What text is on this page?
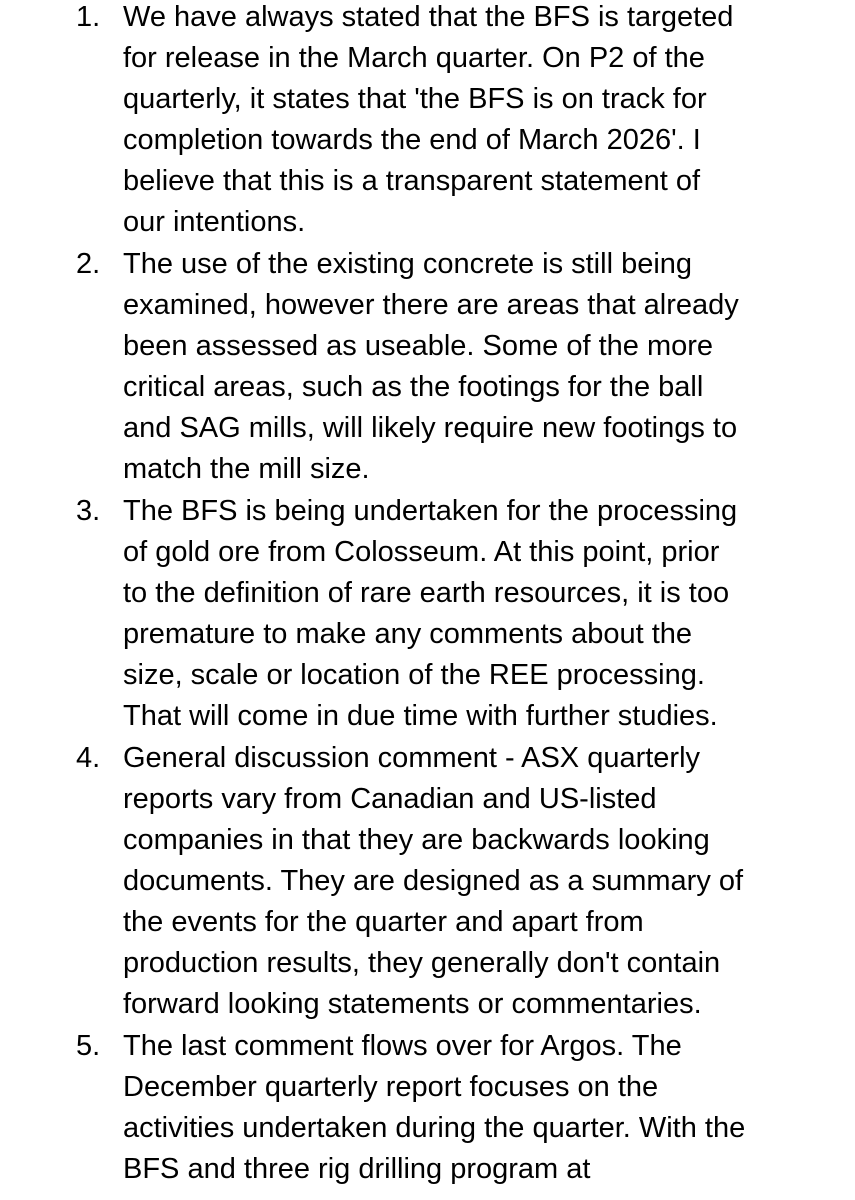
1. We have always stated that the BFS is targeted
for release in the March quarter. On P2 of the
quarterly, it states that 'the BFS is on track for
completion towards the end of March 2026'. I
believe that this is a transparent statement of
our intentions.
2. The use of the existing concrete is still being
examined, however there are areas that already
been assessed as useable. Some of the more
critical areas, such as the footings for the ball
and SAG mills, will likely require new footings to
match the mill size.
3. The BFS is being undertaken for the processing
of gold ore from Colosseum. At this point, prior
to the definition of rare earth resources, it is too
premature to make any comments about the
size, scale or location of the REE processing.
That will come in due time with further studies.
4. General discussion comment - ASX quarterly
reports vary from Canadian and US-listed
companies in that they are backwards looking
documents. They are designed as a summary of
the events for the quarter and apart from
production results, they generally don't contain
forward looking statements or commentaries.
5. The last comment flows over for Argos. The
December quarterly report focuses on the
activities undertaken during the quarter. With the
BFS and three rig drilling program at
